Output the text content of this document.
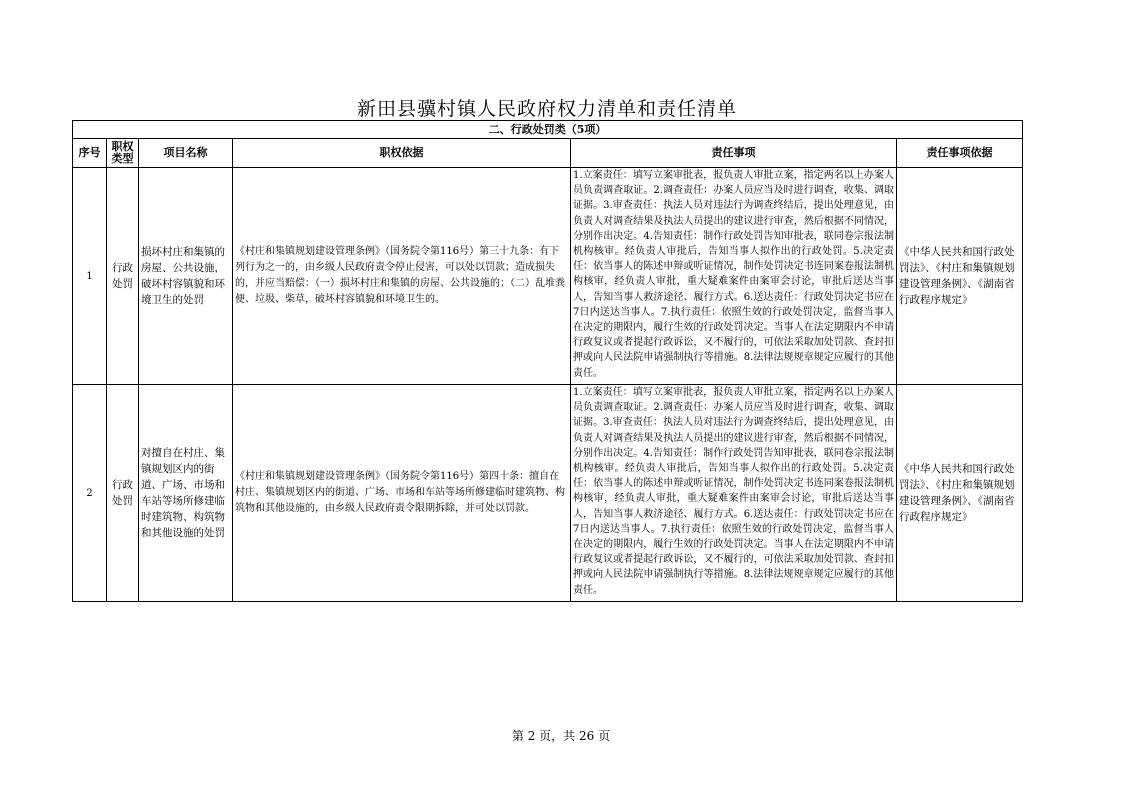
新田县骥村镇人民政府权力清单和责任清单
二、行政处罚类（5项）					
序号	职权类型	项目名称	职权依据	责任事项	责任事项依据
1	行政处罚	损坏村庄和集镇的房屋、公共设施，破坏村容镇貌和环境卫生的处罚	《村庄和集镇规划建设管理条例》（国务院令第116号）第三十九条：有下列行为之一的，由乡级人民政府责令停止侵害，可以处以罚款；造成损失的，并应当赔偿：（一）损坏村庄和集镇的房屋、公共设施的；（二）乱堆粪便、垃圾、柴草，破坏村容镇貌和环境卫生的。	1.立案责任：填写立案审批表，报负责人审批立案，指定两名以上办案人员负责调查取证。2.调查责任：办案人员应当及时进行调查，收集、调取证据。3.审查责任：执法人员对违法行为调查终结后，提出处理意见，由负责人对调查结果及执法人员提出的建议进行审查，然后根据不同情况，分别作出决定。4.告知责任：制作行政处罚告知审批表，联同卷宗报法制机构核审。经负责人审批后，告知当事人拟作出的行政处罚。5.决定责任：依当事人的陈述申辩或听证情况，制作处罚决定书连同案卷报法制机构核审，经负责人审批，重大疑难案件由案审会讨论，审批后送达当事人，告知当事人救济途径、履行方式。6.送达责任：行政处罚决定书应在7日内送达当事人。7.执行责任：依照生效的行政处罚决定，监督当事人在决定的期限内，履行生效的行政处罚决定。当事人在法定期限内不申请行政复议或者提起行政诉讼，又不履行的，可依法采取加处罚款、查封扣押或向人民法院申请强制执行等措施。8.法律法规规章规定应履行的其他责任。	《中华人民共和国行政处罚法》、《村庄和集镇规划建设管理条例》、《湖南省行政程序规定》
2	行政处罚	对擅自在村庄、集镇规划区内的街道、广场、市场和车站等场所修建临时建筑物、构筑物和其他设施的处罚	《村庄和集镇规划建设管理条例》（国务院令第116号）第四十条：擅自在村庄、集镇规划区内的街道、广场、市场和车站等场所修建临时建筑物、构筑物和其他设施的，由乡级人民政府责令限期拆除，并可处以罚款。	1.立案责任：填写立案审批表，报负责人审批立案，指定两名以上办案人员负责调查取证。2.调查责任：办案人员应当及时进行调查，收集、调取证据。3.审查责任：执法人员对违法行为调查终结后，提出处理意见，由负责人对调查结果及执法人员提出的建议进行审查，然后根据不同情况，分别作出决定。4.告知责任：制作行政处罚告知审批表，联同卷宗报法制机构核审。经负责人审批后，告知当事人拟作出的行政处罚。5.决定责任：依当事人的陈述申辩或听证情况，制作处罚决定书连同案卷报法制机构核审，经负责人审批，重大疑难案件由案审会讨论，审批后送达当事人，告知当事人救济途径、履行方式。6.送达责任：行政处罚决定书应在7日内送达当事人。7.执行责任：依照生效的行政处罚决定，监督当事人在决定的期限内，履行生效的行政处罚决定。当事人在法定期限内不申请行政复议或者提起行政诉讼，又不履行的，可依法采取加处罚款、查封扣押或向人民法院申请强制执行等措施。8.法律法规规章规定应履行的其他责任。	《中华人民共和国行政处罚法》、《村庄和集镇规划建设管理条例》、《湖南省行政程序规定》
第 2 页，共 26 页
